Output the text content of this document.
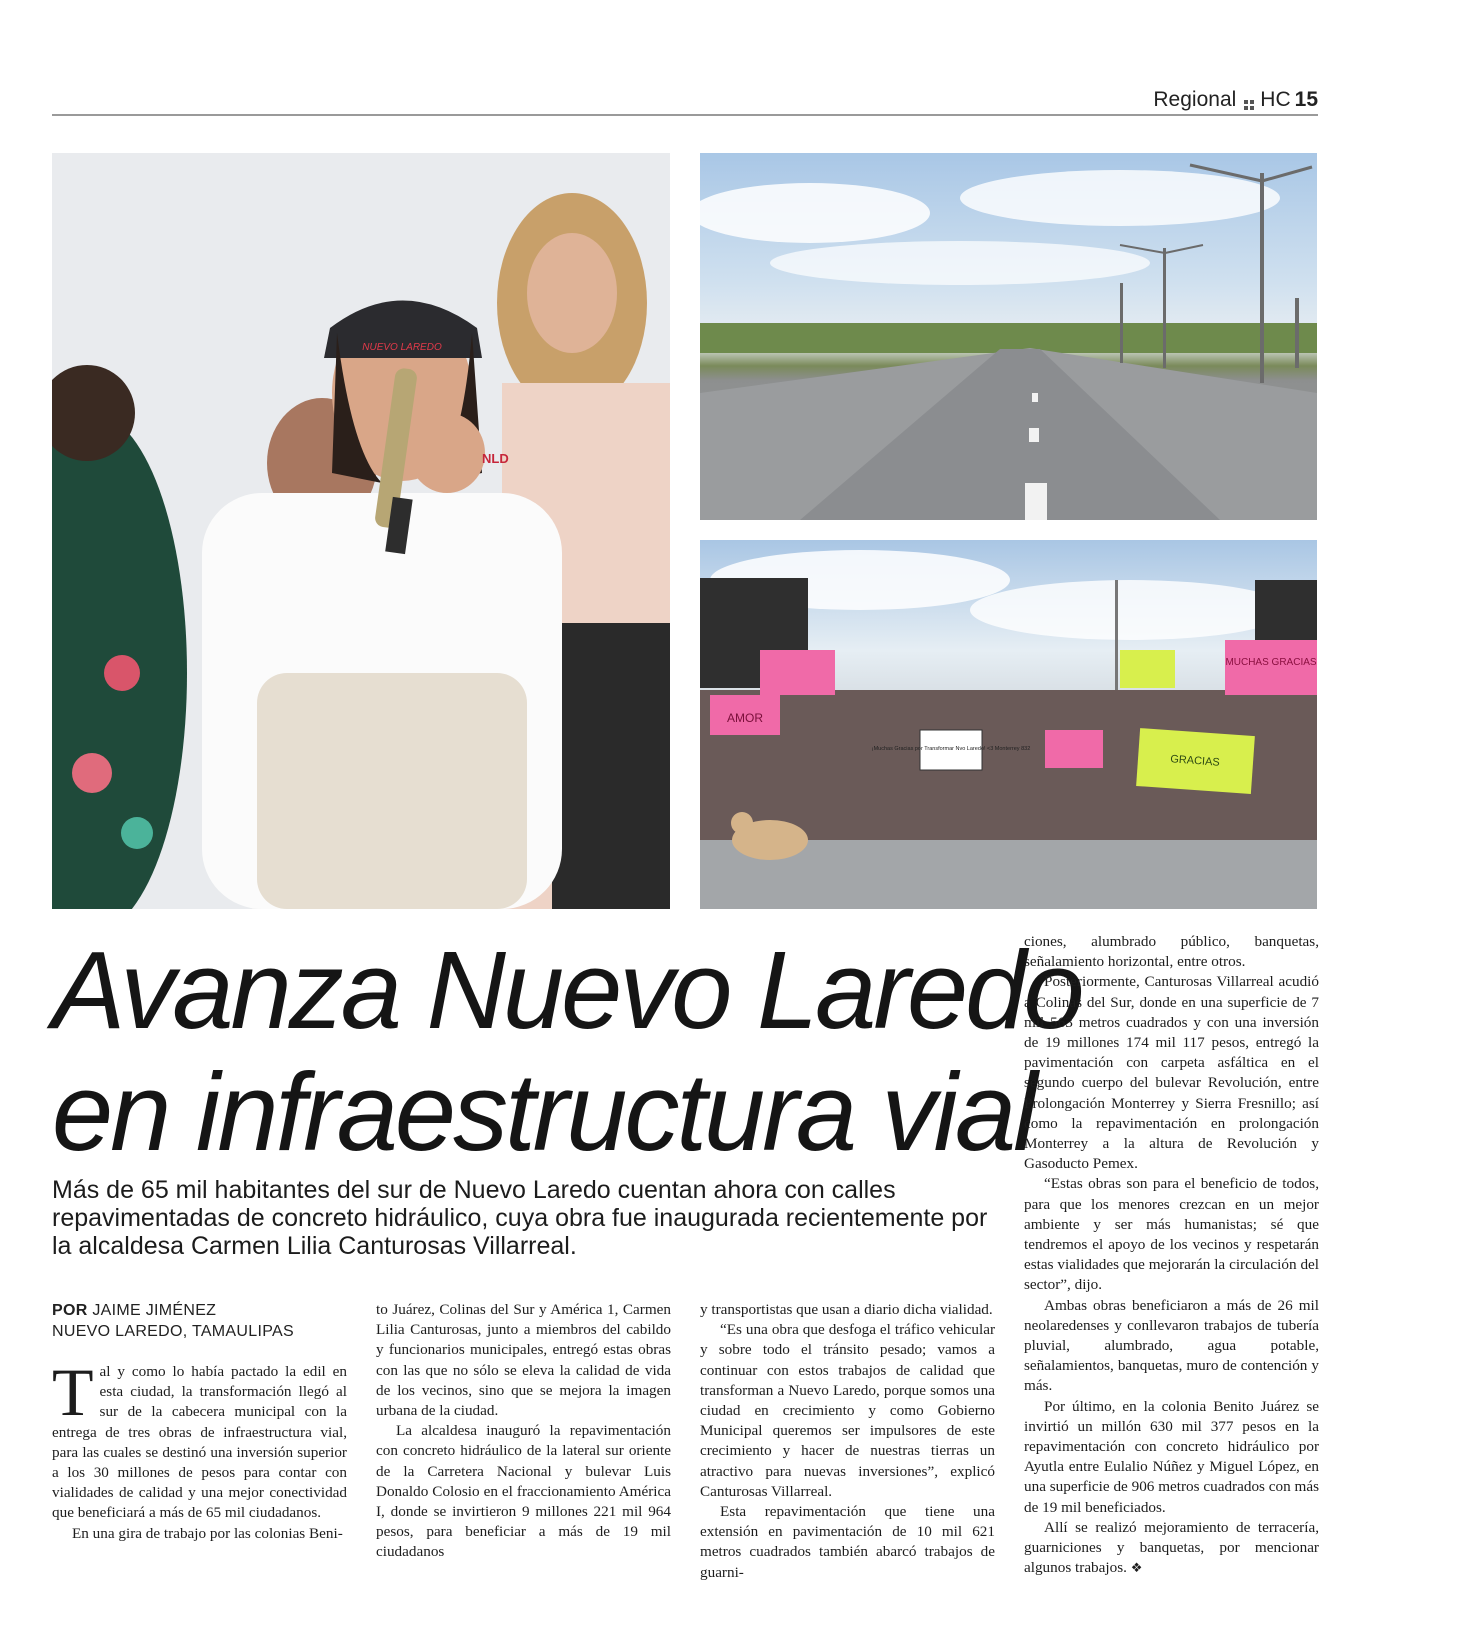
Regional HC 15
NUEVO LAREDO
NLD
MUCHAS GRACIAS
GRACIAS
AMOR
¡Muchas Gracias por Transformar Nvo Laredo! <3 Monterrey 832
Avanza Nuevo Laredo
en infraestructura vial

Más de 65 mil habitantes del sur de Nuevo Laredo cuentan ahora con calles repavimentadas de concreto hidráulico, cuya obra fue inaugurada recientemente por la alcaldesa Carmen Lilia Canturosas Villarreal.

POR JAIME JIMÉNEZ
NUEVO LAREDO, TAMAULIPAS

Tal y como lo había pactado la edil en esta ciudad, la transformación llegó al sur de la cabecera municipal con la entrega de tres obras de infraestructura vial, para las cuales se destinó una inversión superior a los 30 millones de pesos para contar con vialidades de calidad y una mejor conectividad que beneficiará a más de 65 mil ciudadanos.

En una gira de trabajo por las colonias Beni-

to Juárez, Colinas del Sur y América 1, Carmen Lilia Canturosas, junto a miembros del cabildo y funcionarios municipales, entregó estas obras con las que no sólo se eleva la calidad de vida de los vecinos, sino que se mejora la imagen urbana de la ciudad.

La alcaldesa inauguró la repavimentación con concreto hidráulico de la lateral sur oriente de la Carretera Nacional y bulevar Luis Donaldo Colosio en el fraccionamiento América I, donde se invirtieron 9 millones 221 mil 964 pesos, para beneficiar a más de 19 mil ciudadanos

y transportistas que usan a diario dicha vialidad.

“Es una obra que desfoga el tráfico vehicular y sobre todo el tránsito pesado; vamos a continuar con estos trabajos de calidad que transforman a Nuevo Laredo, porque somos una ciudad en crecimiento y como Gobierno Municipal queremos ser impulsores de este crecimiento y hacer de nuestras tierras un atractivo para nuevas inversiones”, explicó Canturosas Villarreal.

Esta repavimentación que tiene una extensión en pavimentación de 10 mil 621 metros cuadrados también abarcó trabajos de guarni-

ciones, alumbrado público, banquetas, señalamiento horizontal, entre otros.

Posteriormente, Canturosas Villarreal acudió a Colinas del Sur, donde en una superficie de 7 mil 563 metros cuadrados y con una inversión de 19 millones 174 mil 117 pesos, entregó la pavimentación con carpeta asfáltica en el segundo cuerpo del bulevar Revolución, entre Prolongación Monterrey y Sierra Fresnillo; así como la repavimentación en prolongación Monterrey a la altura de Revolución y Gasoducto Pemex.

“Estas obras son para el beneficio de todos, para que los menores crezcan en un mejor ambiente y ser más humanistas; sé que tendremos el apoyo de los vecinos y respetarán estas vialidades que mejorarán la circulación del sector”, dijo.

Ambas obras beneficiaron a más de 26 mil neolaredenses y conllevaron trabajos de tubería pluvial, alumbrado, agua potable, señalamientos, banquetas, muro de contención y más.

Por último, en la colonia Benito Juárez se invirtió un millón 630 mil 377 pesos en la repavimentación con concreto hidráulico por Ayutla entre Eulalio Núñez y Miguel López, en una superficie de 906 metros cuadrados con más de 19 mil beneficiados.

Allí se realizó mejoramiento de terracería, guarniciones y banquetas, por mencionar algunos trabajos. ❖
